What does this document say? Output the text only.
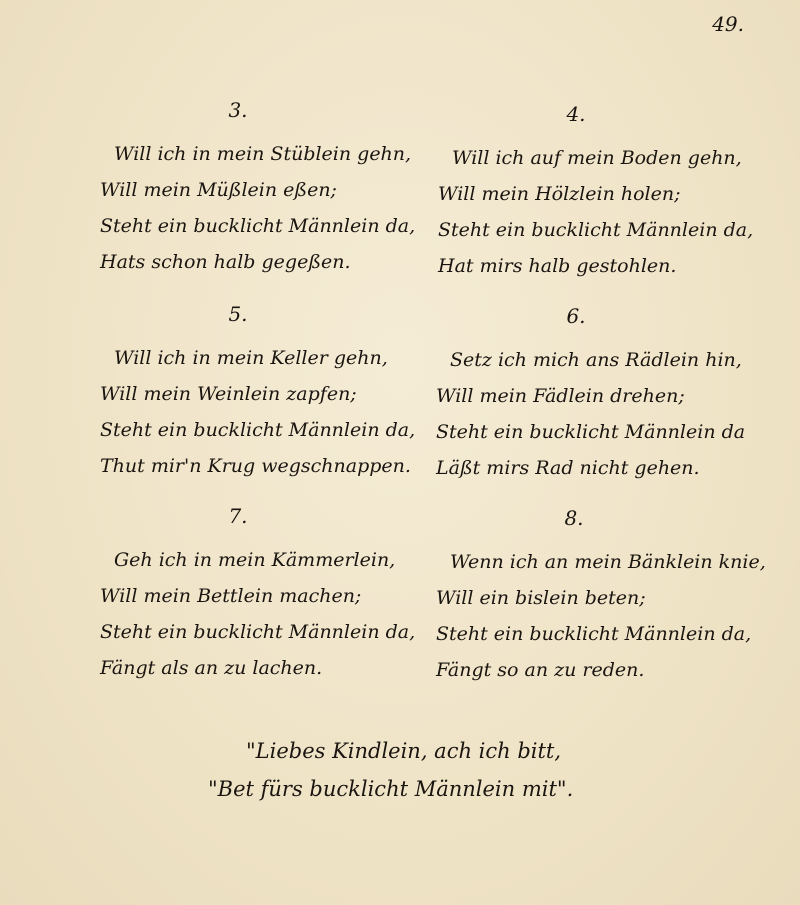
49.
3.
Will ich in mein Stüblein gehn,
Will mein Müßlein eßen;
Steht ein bucklicht Männlein da,
Hats schon halb gegeßen.
4.
Will ich auf mein Boden gehn,
Will mein Hölzlein holen;
Steht ein bucklicht Männlein da,
Hat mirs halb gestohlen.
5.
Will ich in mein Keller gehn,
Will mein Weinlein zapfen;
Steht ein bucklicht Männlein da,
Thut mir'n Krug wegschnappen.
6.
Setz ich mich ans Rädlein hin,
Will mein Fädlein drehen;
Steht ein bucklicht Männlein da
Läßt mirs Rad nicht gehen.
7.
Geh ich in mein Kämmerlein,
Will mein Bettlein machen;
Steht ein bucklicht Männlein da,
Fängt als an zu lachen.
8.
Wenn ich an mein Bänklein knie,
Will ein bislein beten;
Steht ein bucklicht Männlein da,
Fängt so an zu reden.
"Liebes Kindlein, ach ich bitt,
"Bet fürs bucklicht Männlein mit".
